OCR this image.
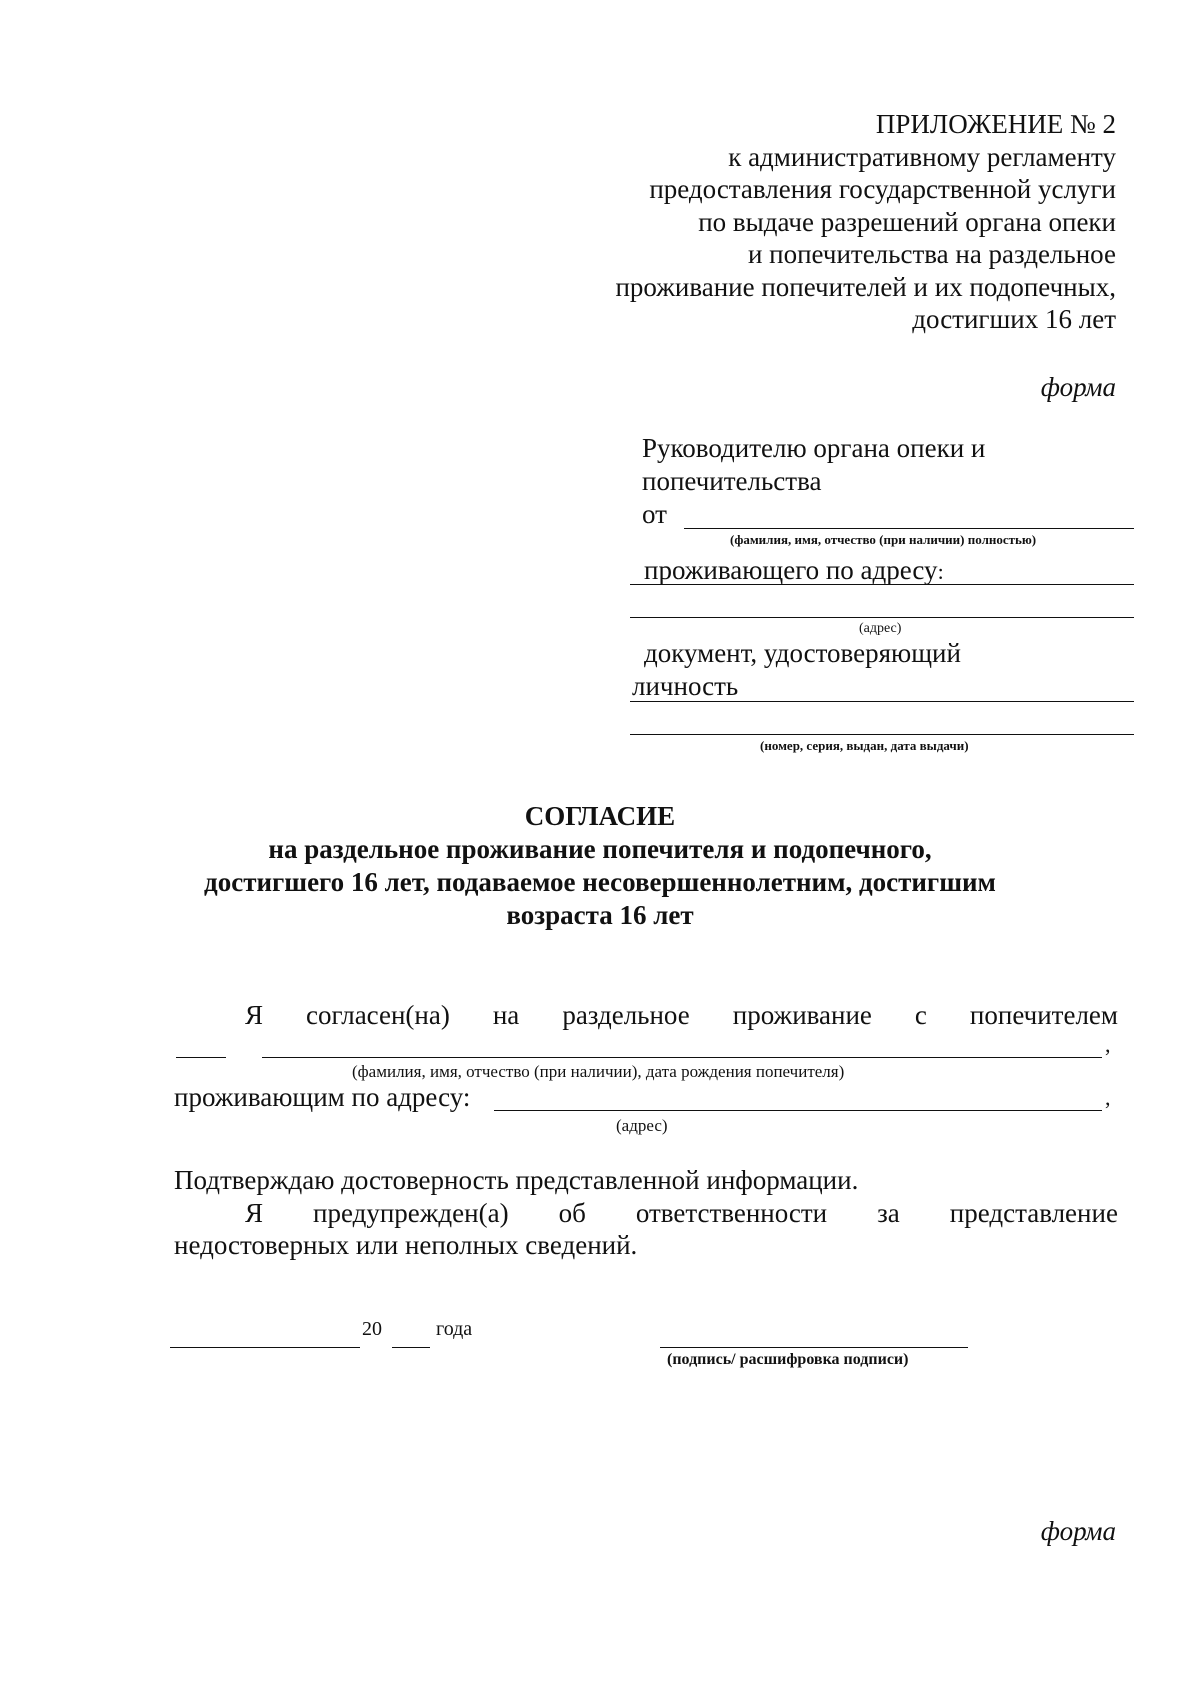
ПРИЛОЖЕНИЕ № 2
к административному регламенту
предоставления государственной услуги
по выдаче разрешений органа опеки
и попечительства на раздельное
проживание попечителей и их подопечных,
достигших 16 лет
форма
Руководителю органа опеки и
попечительства
от
(фамилия, имя, отчество (при наличии) полностью)
проживающего по адресу:
(адрес)
документ, удостоверяющий
личность
(номер, серия, выдан, дата выдачи)
СОГЛАСИЕ
на раздельное проживание попечителя и подопечного,
достигшего 16 лет, подаваемое несовершеннолетним, достигшим
возраста 16 лет
Я согласен(на) на раздельное проживание с попечителем
,
(фамилия, имя, отчество (при наличии), дата рождения попечителя)
проживающим по адресу:	,
(адрес)
Подтверждаю достоверность представленной информации.
Я предупрежден(а) об ответственности за представление
недостоверных или неполных сведений.
20	года
(подпись/ расшифровка подписи)
форма
